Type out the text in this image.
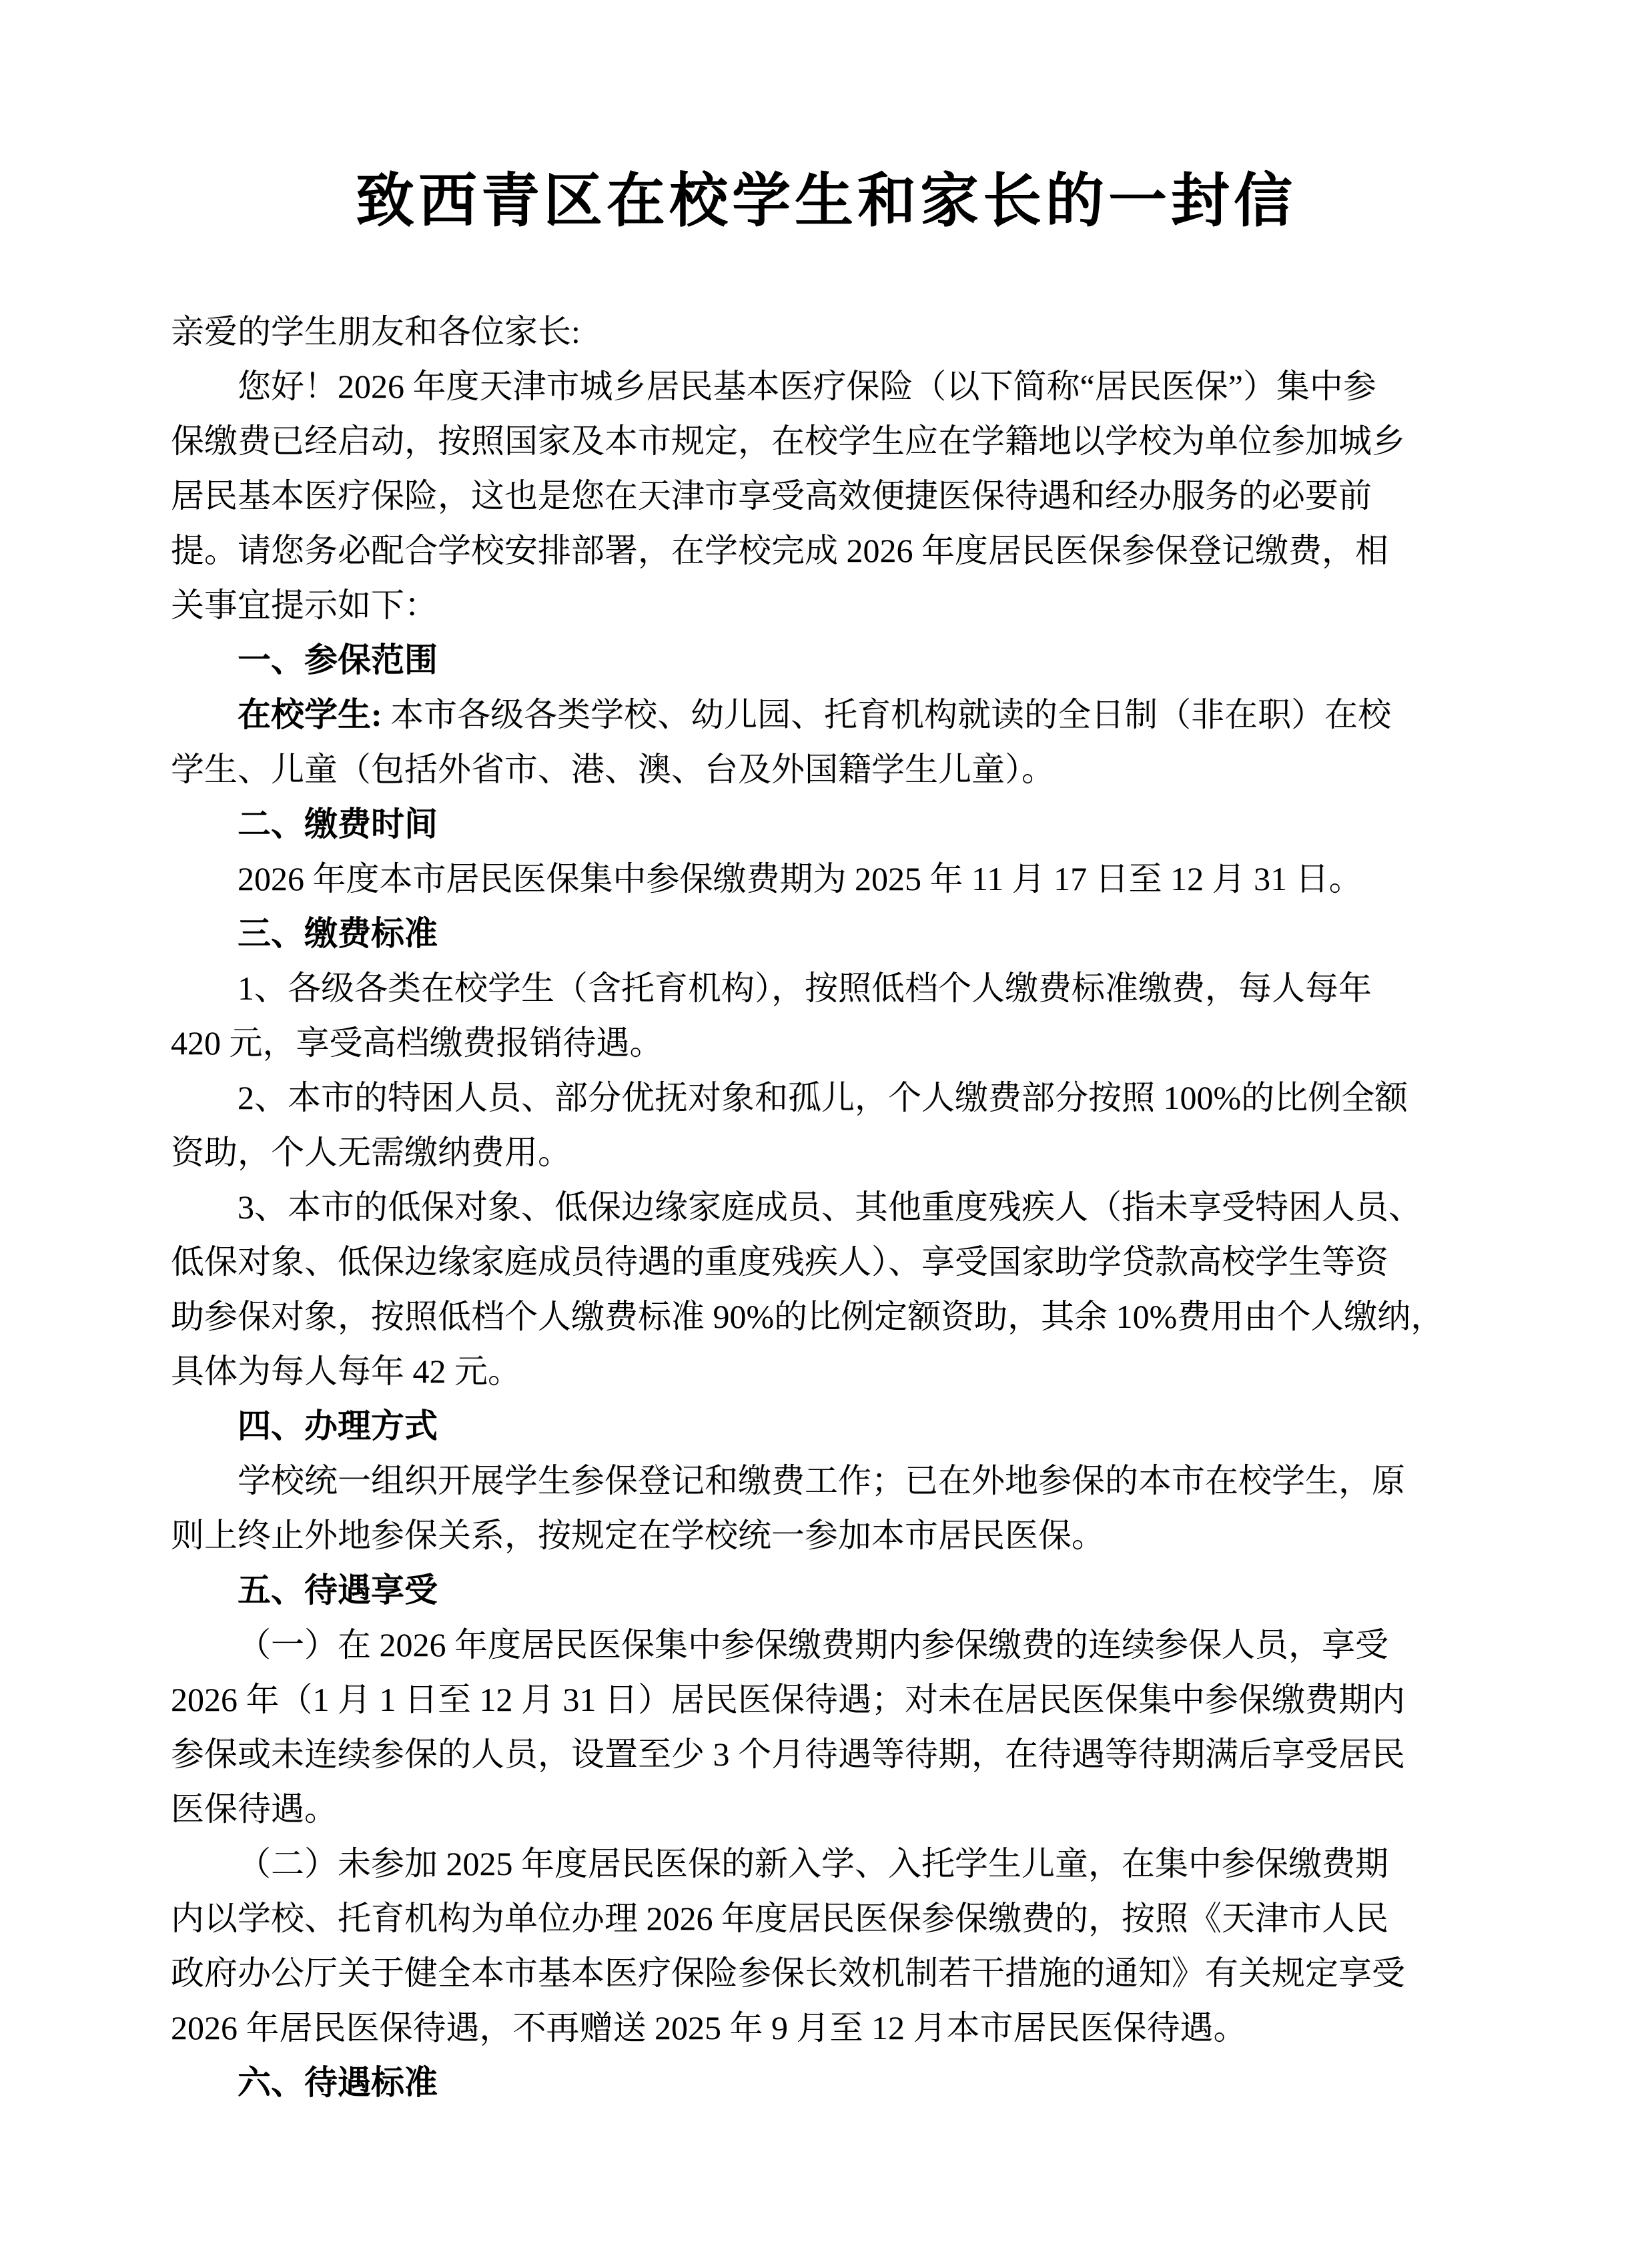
致西青区在校学生和家长的一封信

亲爱的学生朋友和各位家长:

您好！2026 年度天津市城乡居民基本医疗保险（以下简称“居民医保”）集中参

保缴费已经启动，按照国家及本市规定，在校学生应在学籍地以学校为单位参加城乡

居民基本医疗保险，这也是您在天津市享受高效便捷医保待遇和经办服务的必要前

提。请您务必配合学校安排部署，在学校完成 2026 年度居民医保参保登记缴费，相

关事宜提示如下：

一、参保范围

在校学生: 本市各级各类学校、幼儿园、托育机构就读的全日制（非在职）在校

学生、儿童（包括外省市、港、澳、台及外国籍学生儿童）。

二、缴费时间

2026 年度本市居民医保集中参保缴费期为 2025 年 11 月 17 日至 12 月 31 日。

三、缴费标准

1、各级各类在校学生（含托育机构），按照低档个人缴费标准缴费，每人每年

420 元，享受高档缴费报销待遇。

2、本市的特困人员、部分优抚对象和孤儿，个人缴费部分按照 100%的比例全额

资助，个人无需缴纳费用。

3、本市的低保对象、低保边缘家庭成员、其他重度残疾人（指未享受特困人员、

低保对象、低保边缘家庭成员待遇的重度残疾人）、享受国家助学贷款高校学生等资

助参保对象，按照低档个人缴费标准 90%的比例定额资助，其余 10%费用由个人缴纳，

具体为每人每年 42 元。

四、办理方式

学校统一组织开展学生参保登记和缴费工作；已在外地参保的本市在校学生，原

则上终止外地参保关系，按规定在学校统一参加本市居民医保。

五、待遇享受

（一）在 2026 年度居民医保集中参保缴费期内参保缴费的连续参保人员，享受

2026 年（1 月 1 日至 12 月 31 日）居民医保待遇；对未在居民医保集中参保缴费期内

参保或未连续参保的人员，设置至少 3 个月待遇等待期，在待遇等待期满后享受居民

医保待遇。

（二）未参加 2025 年度居民医保的新入学、入托学生儿童，在集中参保缴费期

内以学校、托育机构为单位办理 2026 年度居民医保参保缴费的，按照《天津市人民

政府办公厅关于健全本市基本医疗保险参保长效机制若干措施的通知》有关规定享受

2026 年居民医保待遇，不再赠送 2025 年 9 月至 12 月本市居民医保待遇。

六、待遇标准
